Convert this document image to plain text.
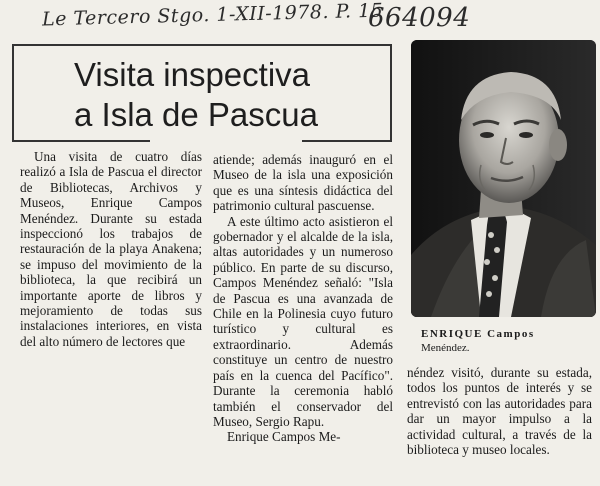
Le Tercero Stgo. 1-XII-1978. P. 15
664094
Visita inspectiva
a Isla de Pascua

Una visita de cuatro días realizó a Isla de Pascua el director de Bibliotecas, Archivos y Museos, Enrique Campos Menéndez. Durante su estada inspeccionó los trabajos de restauración de la playa Anakena; se impuso del movimiento de la biblioteca, la que recibirá un importante aporte de libros y mejoramiento de todas sus instalaciones interiores, en vista del alto número de lectores que

atiende; además inauguró en el Museo de la isla una exposición que es una síntesis didáctica del patrimonio cultural pascuense.

A este último acto asistieron el gobernador y el alcalde de la isla, altas autoridades y un numeroso público. En parte de su discurso, Campos Menéndez señaló: "Isla de Pascua es una avanzada de Chile en la Polinesia cuyo futuro turístico y cultural es extraordinario. Además constituye un centro de nuestro país en la cuenca del Pacífico". Durante la ceremonia habló también el conservador del Museo, Sergio Rapu.

Enrique Campos Me-

néndez visitó, durante su estada, todos los puntos de interés y se entrevistó con las autoridades para dar un mayor impulso a la actividad cultural, a través de la biblioteca y museo locales.

ENRIQUE Campos
Menéndez.
